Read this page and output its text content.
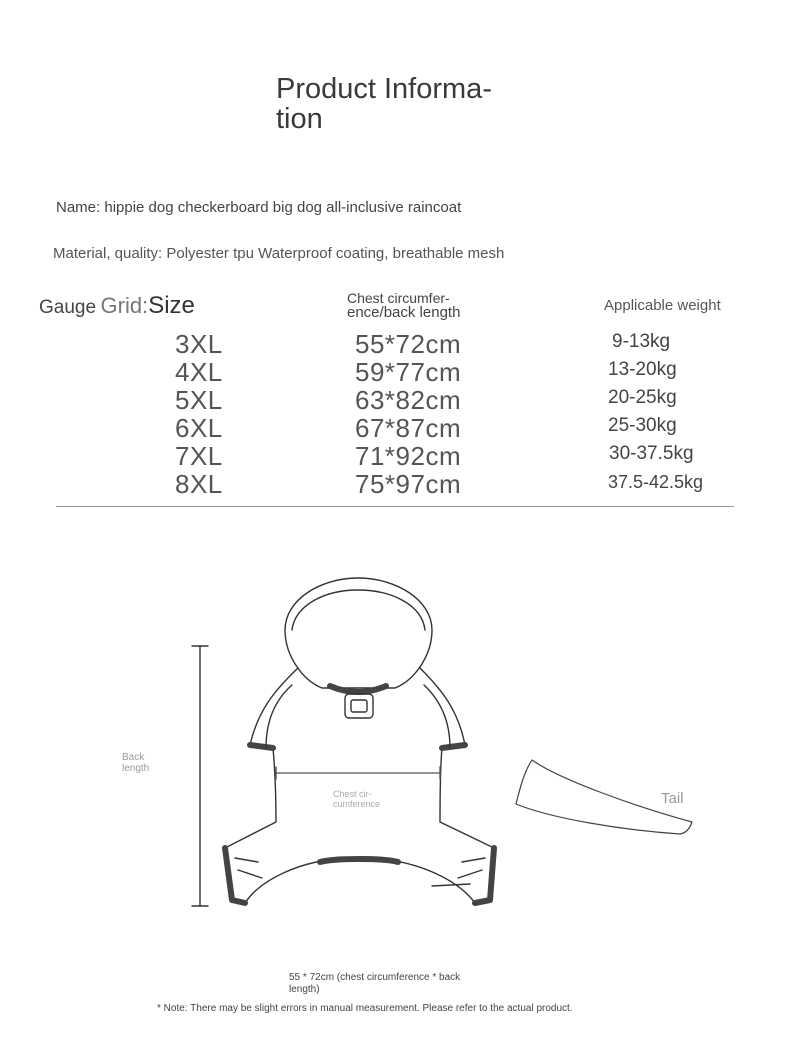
Product Informa- tion
Name: hippie dog checkerboard big dog all-inclusive raincoat
Material, quality: Polyester tpu Waterproof coating, breathable mesh
Gauge Grid:Size	Chest circumfer-
ence/back length	Applicable weight
3XL	55*72cm	9-13kg
4XL	59*77cm	13-20kg
5XL	63*82cm	20-25kg
6XL	67*87cm	25-30kg
7XL	71*92cm	30-37.5kg
8XL	75*97cm	37.5-42.5kg
Back
length
Chest cir-
cumference	Tail
55 * 72cm (chest circumference * back
length)
* Note: There may be slight errors in manual measurement. Please refer to the actual product.
